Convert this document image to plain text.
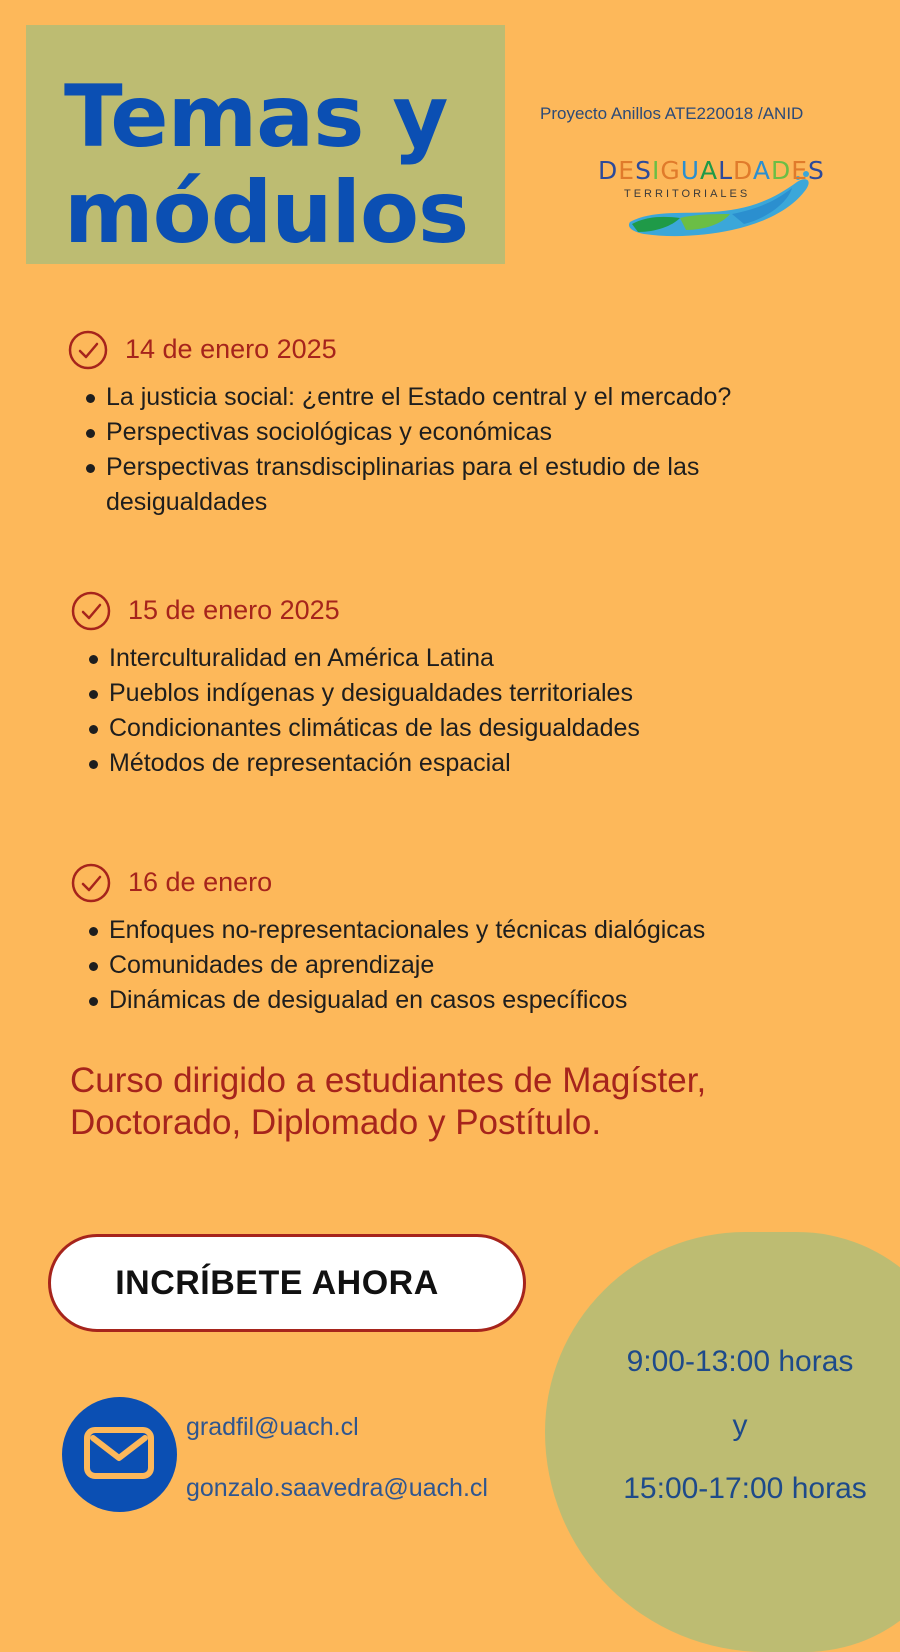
Temas y

módulos

Proyecto Anillos ATE220018 /ANID
DESIGUALDADES
TERRITORIALES
14 de enero 2025
La justicia social: ¿entre el Estado central y el mercado?
Perspectivas sociológicas y económicas
Perspectivas transdisciplinarias para el estudio de las desigualdades
15 de enero 2025
Interculturalidad en América Latina
Pueblos indígenas y desigualdades territoriales
Condicionantes climáticas de las desigualdades
Métodos de representación espacial
16 de enero
Enfoques no-representacionales y técnicas dialógicas
Comunidades de aprendizaje
Dinámicas de desigualad en casos específicos

Curso dirigido a estudiantes de Magíster, Doctorado, Diplomado y Postítulo.

INCRÍBETE AHORA
9:00-13:00 horas
y
15:00-17:00 horas
gradfil@uach.cl
gonzalo.saavedra@uach.cl
